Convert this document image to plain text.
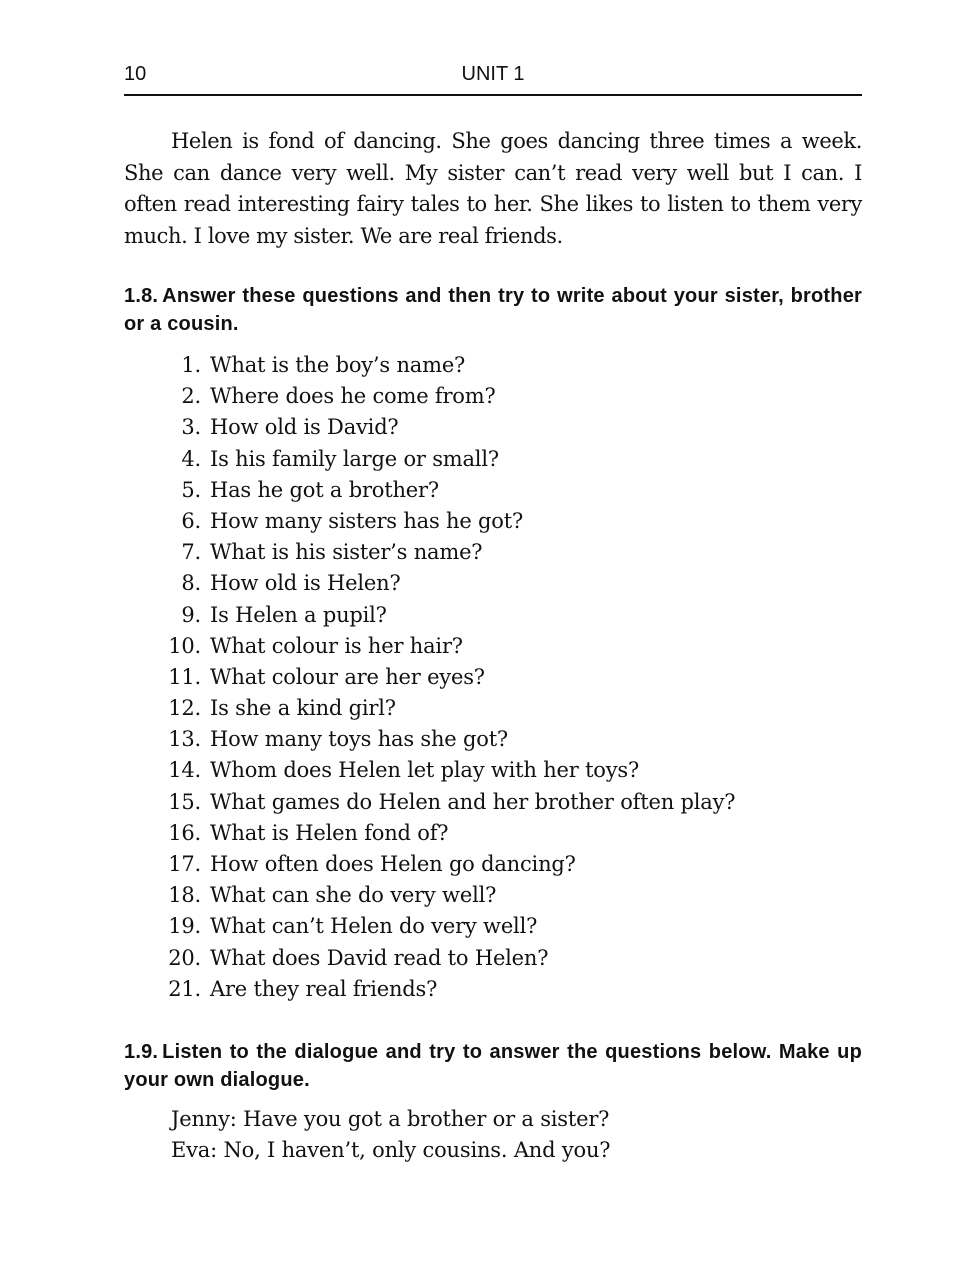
10	UNIT 1

Helen is fond of dancing. She goes dancing three times a week. She can dance very well. My sister can’t read very well but I can. I often read interesting fairy tales to her. She likes to listen to them very much. I love my sister. We are real friends.

1.8. Answer these questions and then try to write about your sister, brother or a cousin.
1. What is the boy’s name?
2. Where does he come from?
3. How old is David?
4. Is his family large or small?
5. Has he got a brother?
6. How many sisters has he got?
7. What is his sister’s name?
8. How old is Helen?
9. Is Helen a pupil?
10. What colour is her hair?
11. What colour are her eyes?
12. Is she a kind girl?
13. How many toys has she got?
14. Whom does Helen let play with her toys?
15. What games do Helen and her brother often play?
16. What is Helen fond of?
17. How often does Helen go dancing?
18. What can she do very well?
19. What can’t Helen do very well?
20. What does David read to Helen?
21. Are they real friends?
1.9. Listen to the dialogue and try to answer the questions below. Make up your own dialogue.
Jenny: Have you got a brother or a sister?
Eva: No, I haven’t, only cousins. And you?
